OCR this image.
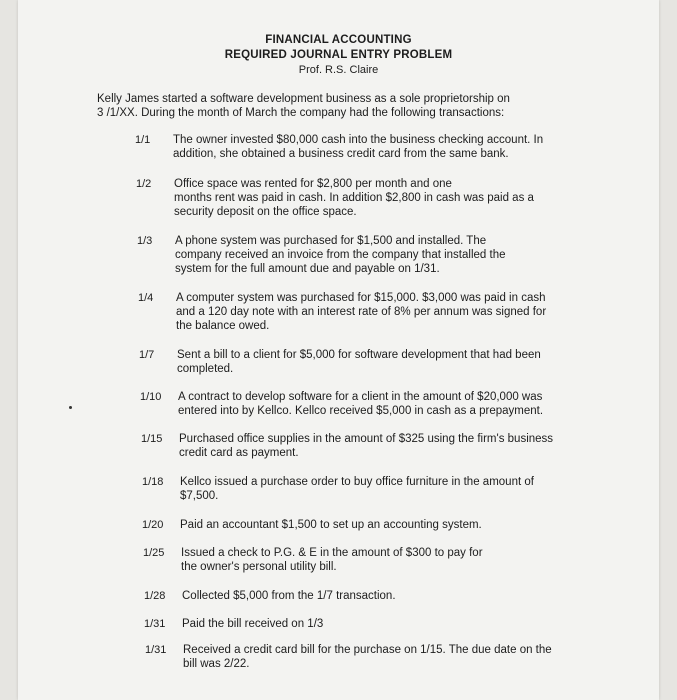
FINANCIAL ACCOUNTING
REQUIRED JOURNAL ENTRY PROBLEM
Prof. R.S. Claire
Kelly James started a software development business as a sole proprietorship on
3 /1/XX. During the month of March the company had the following transactions:
1/1	The owner invested $80,000 cash into the business checking account. In
addition, she obtained a business credit card from the same bank.
1/2	Office space was rented for $2,800 per month and one
months rent was paid in cash. In addition $2,800 in cash was paid as a
security deposit on the office space.
1/3	A phone system was purchased for $1,500 and installed. The
company received an invoice from the company that installed the
system for the full amount due and payable on 1/31.
1/4	A computer system was purchased for $15,000. $3,000 was paid in cash
and a 120 day note with an interest rate of 8% per annum was signed for
the balance owed.
1/7	Sent a bill to a client for $5,000 for software development that had been
completed.
1/10	A contract to develop software for a client in the amount of $20,000 was
entered into by Kellco. Kellco received $5,000 in cash as a prepayment.
1/15	Purchased office supplies in the amount of $325 using the firm's business
credit card as payment.
1/18	Kellco issued a purchase order to buy office furniture in the amount of
$7,500.
1/20	Paid an accountant $1,500 to set up an accounting system.
1/25	Issued a check to P.G. & E in the amount of $300 to pay for
the owner's personal utility bill.
1/28	Collected $5,000 from the 1/7 transaction.
1/31	Paid the bill received on 1/3
1/31	Received a credit card bill for the purchase on 1/15. The due date on the
bill was 2/22.
